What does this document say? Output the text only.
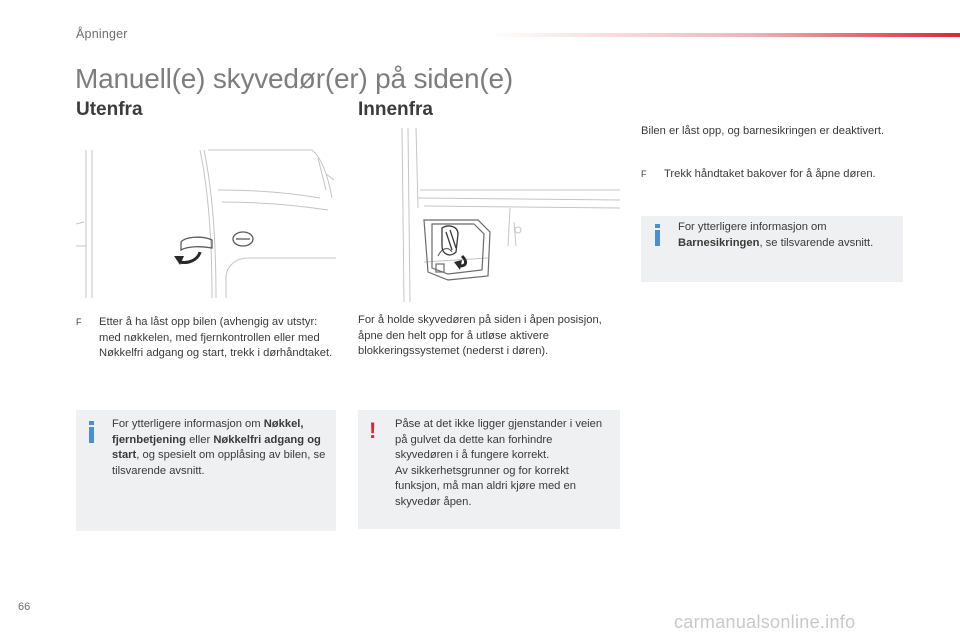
Åpninger
Manuell(e) skyvedør(er) på siden(e)
Utenfra
F Etter å ha låst opp bilen (avhengig av utstyr: med nøkkelen, med fjernkontrollen eller med Nøkkelfri adgang og start, trekk i dørhåndtaket.
For ytterligere informasjon om Nøkkel, fjernbetjening eller Nøkkelfri adgang og start, og spesielt om opplåsing av bilen, se tilsvarende avsnitt.
Innenfra
For å holde skyvedøren på siden i åpen posisjon, åpne den helt opp for å utløse aktivere blokkeringssystemet (nederst i døren).
! Påse at det ikke ligger gjenstander i veien på gulvet da dette kan forhindre skyvedøren i å fungere korrekt.
Av sikkerhetsgrunner og for korrekt funksjon, må man aldri kjøre med en skyvedør åpen.
Bilen er låst opp, og barnesikringen er deaktivert.
F Trekk håndtaket bakover for å åpne døren.
For ytterligere informasjon om Barnesikringen, se tilsvarende avsnitt.
66
carmanualsonline.info
